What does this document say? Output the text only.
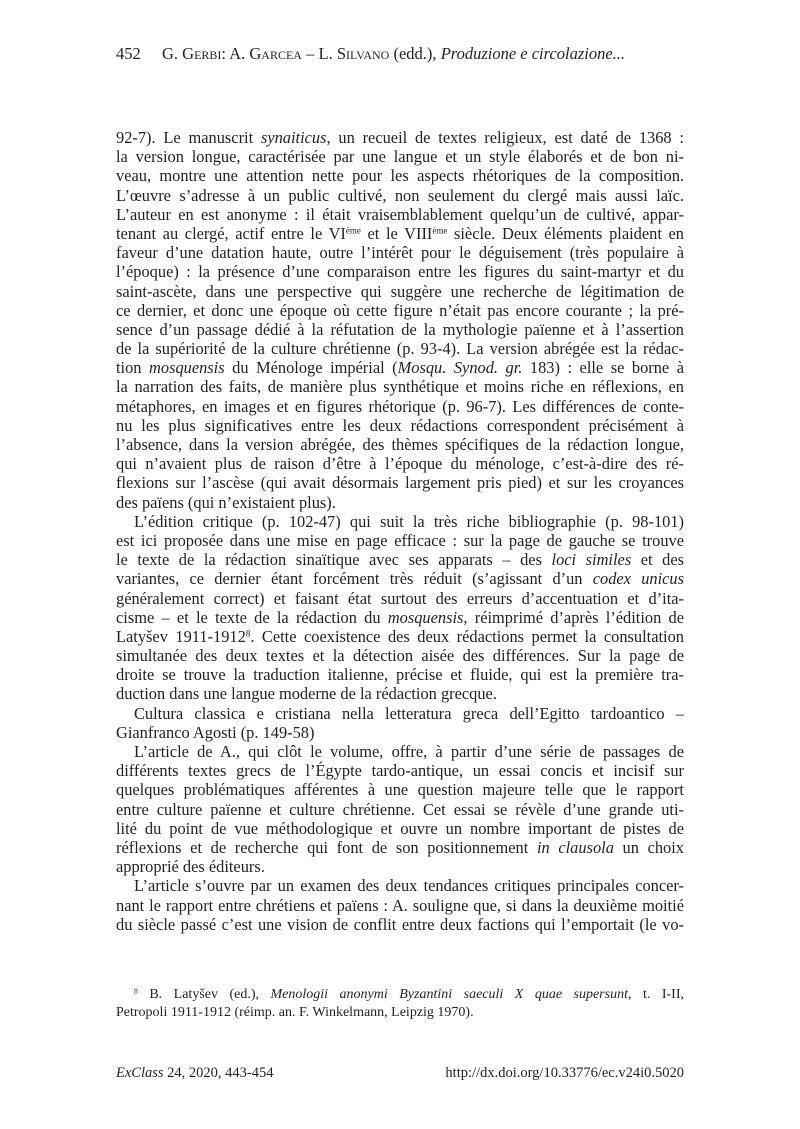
452 G. Gerbi: A. Garcea – L. Silvano (edd.), Produzione e circolazione...
92-7). Le manuscrit synaiticus, un recueil de textes religieux, est daté de 1368 :
la version longue, caractérisée par une langue et un style élaborés et de bon ni-
veau, montre une attention nette pour les aspects rhétoriques de la composition.
L’œuvre s’adresse à un public cultivé, non seulement du clergé mais aussi laïc.
L’auteur en est anonyme : il était vraisemblablement quelqu’un de cultivé, appar-
tenant au clergé, actif entre le VIème et le VIIIème siècle. Deux éléments plaident en
faveur d’une datation haute, outre l’intérêt pour le déguisement (très populaire à
l’époque) : la présence d’une comparaison entre les figures du saint-martyr et du
saint-ascète, dans une perspective qui suggère une recherche de légitimation de
ce dernier, et donc une époque où cette figure n’était pas encore courante ; la pré-
sence d’un passage dédié à la réfutation de la mythologie païenne et à l’assertion
de la supériorité de la culture chrétienne (p. 93-4). La version abrégée est la rédac-
tion mosquensis du Ménologe impérial (Mosqu. Synod. gr. 183) : elle se borne à
la narration des faits, de manière plus synthétique et moins riche en réflexions, en
métaphores, en images et en figures rhétorique (p. 96-7). Les différences de conte-
nu les plus significatives entre les deux rédactions correspondent précisément à
l’absence, dans la version abrégée, des thèmes spécifiques de la rédaction longue,
qui n’avaient plus de raison d’être à l’époque du ménologe, c’est-à-dire des ré-
flexions sur l’ascèse (qui avait désormais largement pris pied) et sur les croyances
des païens (qui n’existaient plus).
L’édition critique (p. 102-47) qui suit la très riche bibliographie (p. 98-101)
est ici proposée dans une mise en page efficace : sur la page de gauche se trouve
le texte de la rédaction sinaïtique avec ses apparats – des loci similes et des
variantes, ce dernier étant forcément très réduit (s’agissant d’un codex unicus
généralement correct) et faisant état surtout des erreurs d’accentuation et d’ita-
cisme – et le texte de la rédaction du mosquensis, réimprimé d’après l’édition de
Latyšev 1911-1912$^8$. Cette coexistence des deux rédactions permet la consultation
simultanée des deux textes et la détection aisée des différences. Sur la page de
droite se trouve la traduction italienne, précise et fluide, qui est la première tra-
duction dans une langue moderne de la rédaction grecque.
Cultura classica e cristiana nella letteratura greca dell’Egitto tardoantico –
Gianfranco Agosti (p. 149-58)
L’article de A., qui clôt le volume, offre, à partir d’une série de passages de
différents textes grecs de l’Égypte tardo-antique, un essai concis et incisif sur
quelques problématiques afférentes à une question majeure telle que le rapport
entre culture païenne et culture chrétienne. Cet essai se révèle d’une grande uti-
lité du point de vue méthodologique et ouvre un nombre important de pistes de
réflexions et de recherche qui font de son positionnement in clausola un choix
approprié des éditeurs.
L’article s’ouvre par un examen des deux tendances critiques principales concer-
nant le rapport entre chrétiens et païens : A. souligne que, si dans la deuxième moitié
du siècle passé c’est une vision de conflit entre deux factions qui l’emportait (le vo-
$^8$ B. Latyšev (ed.), Menologii anonymi Byzantini saeculi X quae supersunt, t. I-II,
Petropoli 1911-1912 (réimp. an. F. Winkelmann, Leipzig 1970).
ExClass 24, 2020, 443-454	http://dx.doi.org/10.33776/ec.v24i0.5020
